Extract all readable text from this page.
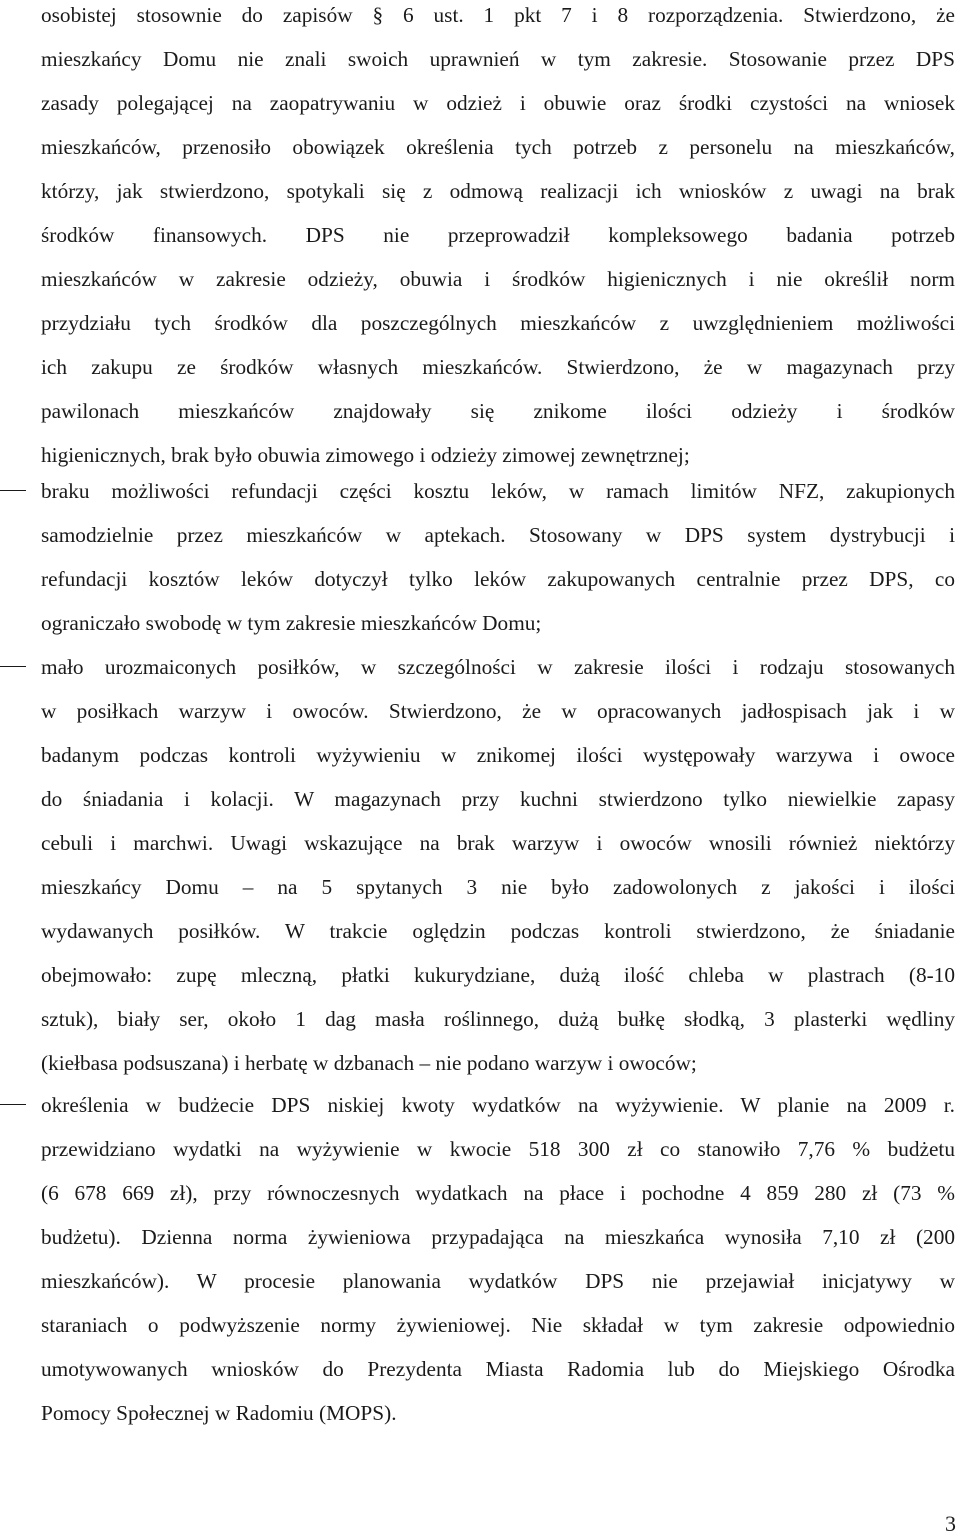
osobistej stosownie do zapisów § 6 ust. 1 pkt 7 i 8 rozporządzenia. Stwierdzono, że
mieszkańcy Domu nie znali swoich uprawnień w tym zakresie. Stosowanie przez DPS
zasady polegającej na zaopatrywaniu w odzież i obuwie oraz środki czystości na wniosek
mieszkańców, przenosiło obowiązek określenia tych potrzeb z personelu na mieszkańców,
którzy, jak stwierdzono, spotykali się z odmową realizacji ich wniosków z uwagi na brak
środków finansowych. DPS nie przeprowadził kompleksowego badania potrzeb
mieszkańców w zakresie odzieży, obuwia i środków higienicznych i nie określił norm
przydziału tych środków dla poszczególnych mieszkańców z uwzględnieniem możliwości
ich zakupu ze środków własnych mieszkańców. Stwierdzono, że w magazynach przy
pawilonach mieszkańców znajdowały się znikome ilości odzieży i środków
higienicznych, brak było obuwia zimowego i odzieży zimowej zewnętrznej;
braku możliwości refundacji części kosztu leków, w ramach limitów NFZ, zakupionych
samodzielnie przez mieszkańców w aptekach. Stosowany w DPS system dystrybucji i
refundacji kosztów leków dotyczył tylko leków zakupowanych centralnie przez DPS, co
ograniczało swobodę w tym zakresie mieszkańców Domu;
mało urozmaiconych posiłków, w szczególności w zakresie ilości i rodzaju stosowanych
w posiłkach warzyw i owoców. Stwierdzono, że w opracowanych jadłospisach jak i w
badanym podczas kontroli wyżywieniu w znikomej ilości występowały warzywa i owoce
do śniadania i kolacji. W magazynach przy kuchni stwierdzono tylko niewielkie zapasy
cebuli i marchwi. Uwagi wskazujące na brak warzyw i owoców wnosili również niektórzy
mieszkańcy Domu – na 5 spytanych 3 nie było zadowolonych z jakości i ilości
wydawanych posiłków. W trakcie oględzin podczas kontroli stwierdzono, że śniadanie
obejmowało: zupę mleczną, płatki kukurydziane, dużą ilość chleba w plastrach (8-10
sztuk), biały ser, około 1 dag masła roślinnego, dużą bułkę słodką, 3 plasterki wędliny
(kiełbasa podsuszana) i herbatę w dzbanach – nie podano warzyw i owoców;
określenia w budżecie DPS niskiej kwoty wydatków na wyżywienie. W planie na 2009 r.
przewidziano wydatki na wyżywienie w kwocie 518 300 zł co stanowiło 7,76 % budżetu
(6 678 669 zł), przy równoczesnych wydatkach na płace i pochodne 4 859 280 zł (73 %
budżetu). Dzienna norma żywieniowa przypadająca na mieszkańca wynosiła 7,10 zł (200
mieszkańców). W procesie planowania wydatków DPS nie przejawiał inicjatywy w
staraniach o podwyższenie normy żywieniowej. Nie składał w tym zakresie odpowiednio
umotywowanych wniosków do Prezydenta Miasta Radomia lub do Miejskiego Ośrodka
Pomocy Społecznej w Radomiu (MOPS).
3
